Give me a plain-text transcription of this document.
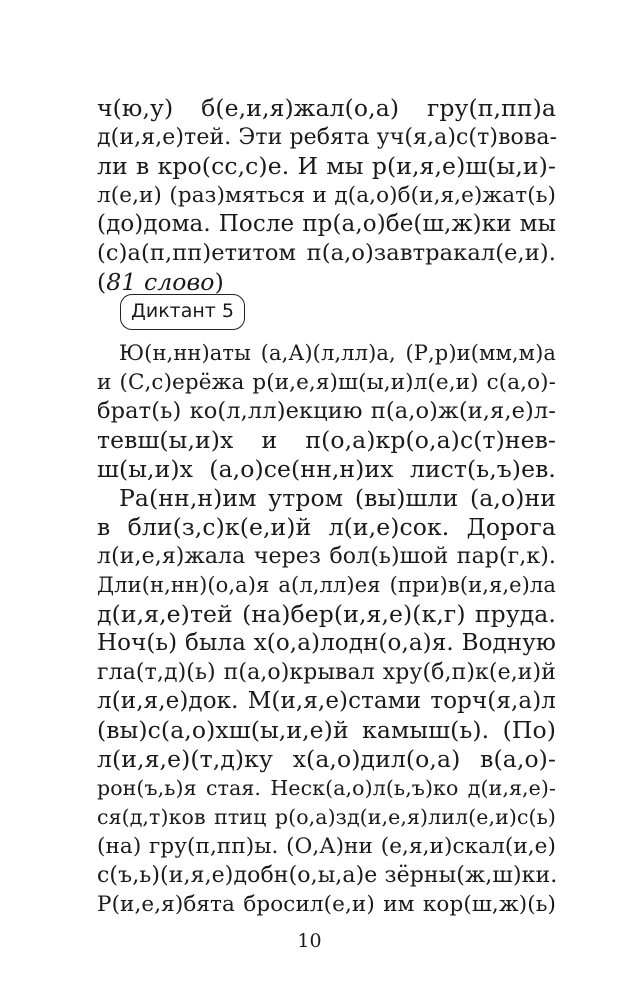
ч(ю,у) б(е,и,я)жал(о,а) гру(п,пп)а
д(и,я,е)тей. Эти ребята уч(я,а)с(т)вова-
ли в кро(сс,с)е. И мы р(и,я,е)ш(ы,и)-
л(е,и) (раз)мяться и д(а,о)б(и,я,е)жат(ь)
(до)дома. После пр(а,о)бе(ш,ж)ки мы
(с)а(п,пп)етитом п(а,о)завтракал(е,и).
(81 слово)
Диктант 5
Ю(н,нн)аты (а,А)(л,лл)а, (Р,р)и(мм,м)а
и (С,с)ерёжа р(и,е,я)ш(ы,и)л(е,и) с(а,о)-
брат(ь) ко(л,лл)екцию п(а,о)ж(и,я,е)л-
тевш(ы,и)х и п(о,а)кр(о,а)с(т)нев-
ш(ы,и)х (а,о)се(нн,н)их лист(ь,ъ)ев.
Ра(нн,н)им утром (вы)шли (а,о)ни
в бли(з,с)к(е,и)й л(и,е)сок. Дорога
л(и,е,я)жала через бол(ь)шой пар(г,к).
Дли(н,нн)(о,а)я а(л,лл)ея (при)в(и,я,е)ла
д(и,я,е)тей (на)бер(и,я,е)(к,г) пруда.
Ноч(ь) была х(о,а)лодн(о,а)я. Водную
гла(т,д)(ь) п(а,о)крывал хру(б,п)к(е,и)й
л(и,я,е)док. М(и,я,е)стами торч(я,а)л
(вы)с(а,о)хш(ы,и,е)й камыш(ь). (По)
л(и,я,е)(т,д)ку х(а,о)дил(о,а) в(а,о)-
рон(ъ,ь)я стая. Неск(а,о)л(ь,ъ)ко д(и,я,е)-
ся(д,т)ков птиц р(о,а)зд(и,е,я)лил(е,и)с(ь)
(на) гру(п,пп)ы. (О,А)ни (е,я,и)скал(и,е)
с(ъ,ь)(и,я,е)добн(о,ы,а)е зёрны(ж,ш)ки.
Р(и,е,я)бята бросил(е,и) им кор(ш,ж)(ь)
10
